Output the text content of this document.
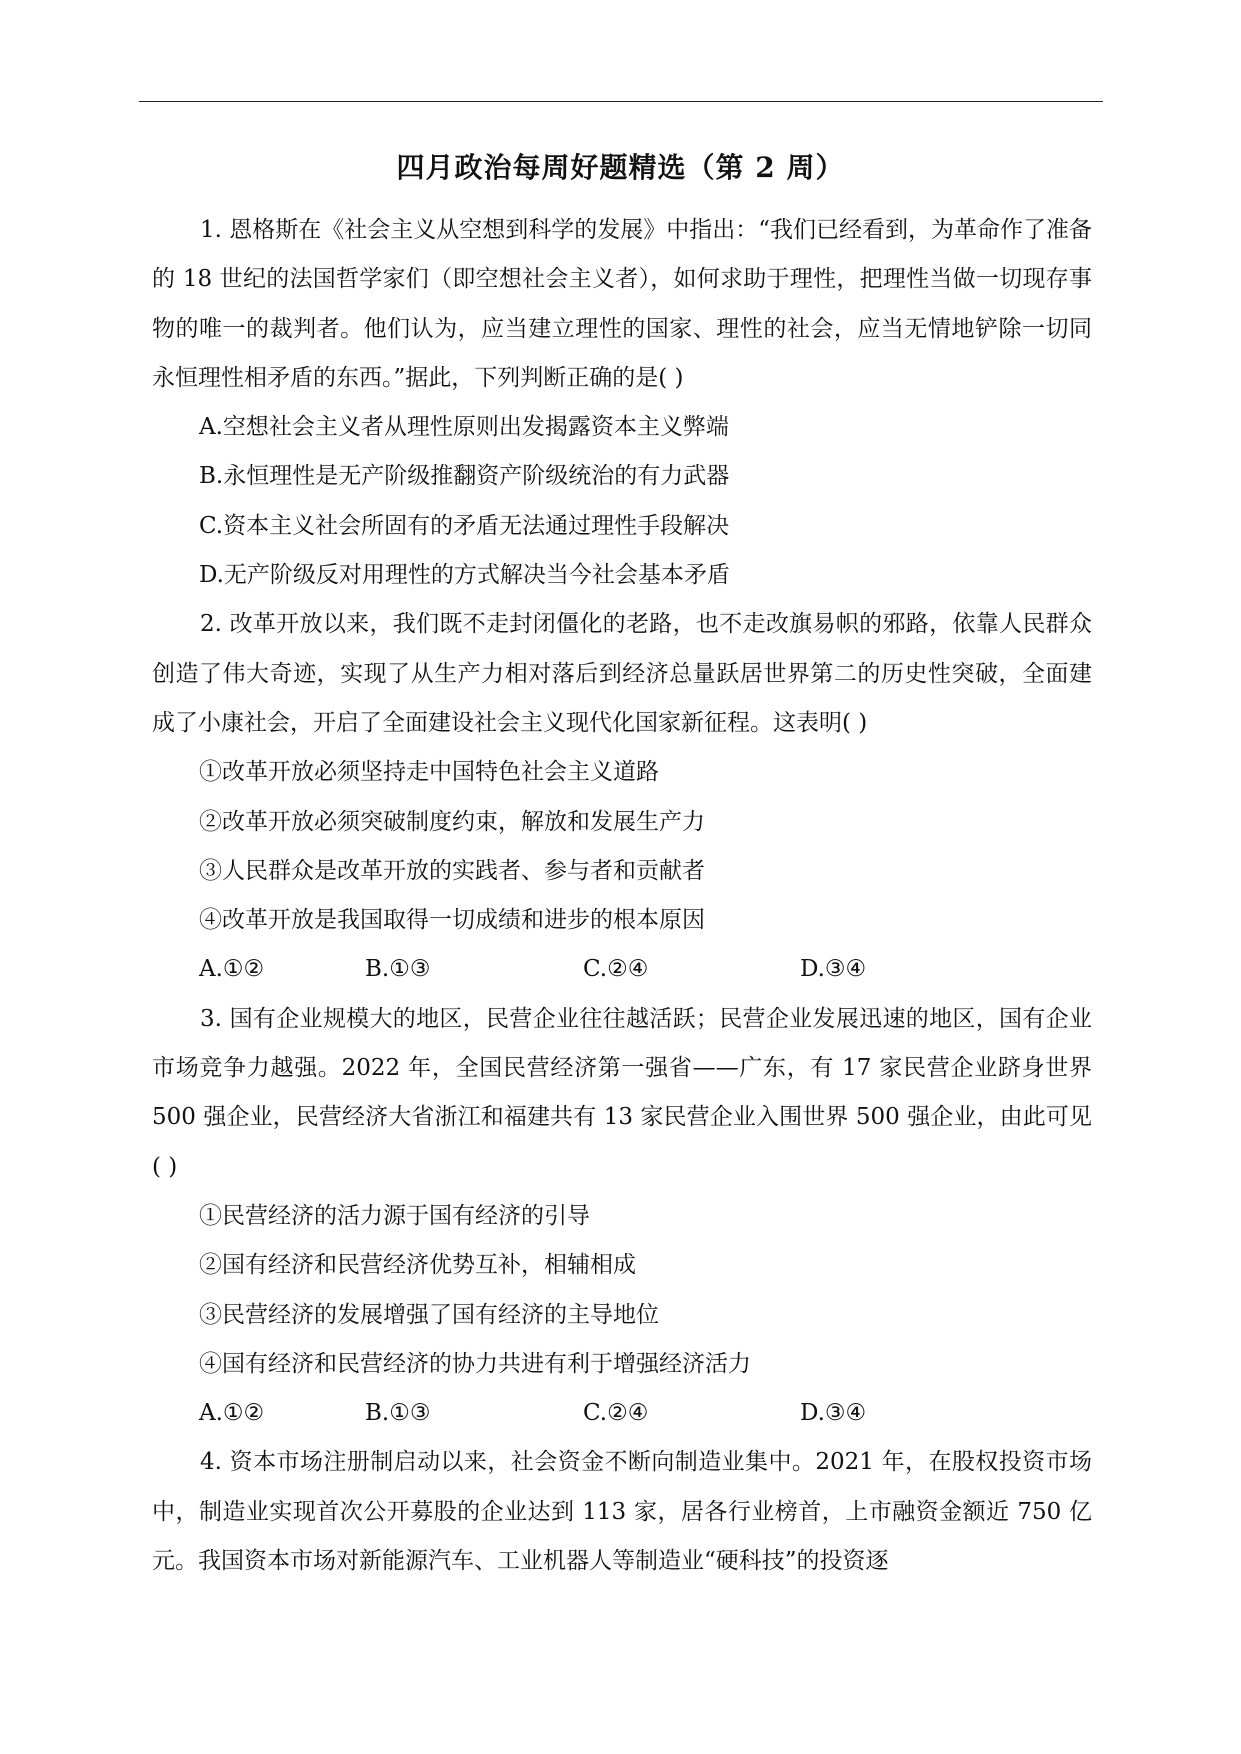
四月政治每周好题精选（第 2 周）

1. 恩格斯在《社会主义从空想到科学的发展》中指出：“我们已经看到，为革命作了准备的 18 世纪的法国哲学家们（即空想社会主义者），如何求助于理性，把理性当做一切现存事物的唯一的裁判者。他们认为，应当建立理性的国家、理性的社会，应当无情地铲除一切同永恒理性相矛盾的东西。”据此，下列判断正确的是( )

A.空想社会主义者从理性原则出发揭露资本主义弊端

B.永恒理性是无产阶级推翻资产阶级统治的有力武器

C.资本主义社会所固有的矛盾无法通过理性手段解决

D.无产阶级反对用理性的方式解决当今社会基本矛盾

2. 改革开放以来，我们既不走封闭僵化的老路，也不走改旗易帜的邪路，依靠人民群众创造了伟大奇迹，实现了从生产力相对落后到经济总量跃居世界第二的历史性突破，全面建成了小康社会，开启了全面建设社会主义现代化国家新征程。这表明( )

①改革开放必须坚持走中国特色社会主义道路

②改革开放必须突破制度约束，解放和发展生产力

③人民群众是改革开放的实践者、参与者和贡献者

④改革开放是我国取得一切成绩和进步的根本原因

A.①②	B.①③	C.②④	D.③④

3. 国有企业规模大的地区，民营企业往往越活跃；民营企业发展迅速的地区，国有企业市场竞争力越强。2022 年，全国民营经济第一强省——广东，有 17 家民营企业跻身世界 500 强企业，民营经济大省浙江和福建共有 13 家民营企业入围世界 500 强企业，由此可见( )

①民营经济的活力源于国有经济的引导

②国有经济和民营经济优势互补，相辅相成

③民营经济的发展增强了国有经济的主导地位

④国有经济和民营经济的协力共进有利于增强经济活力

A.①②	B.①③	C.②④	D.③④

4. 资本市场注册制启动以来，社会资金不断向制造业集中。2021 年，在股权投资市场中，制造业实现首次公开募股的企业达到 113 家，居各行业榜首，上市融资金额近 750 亿元。我国资本市场对新能源汽车、工业机器人等制造业“硬科技”的投资逐
